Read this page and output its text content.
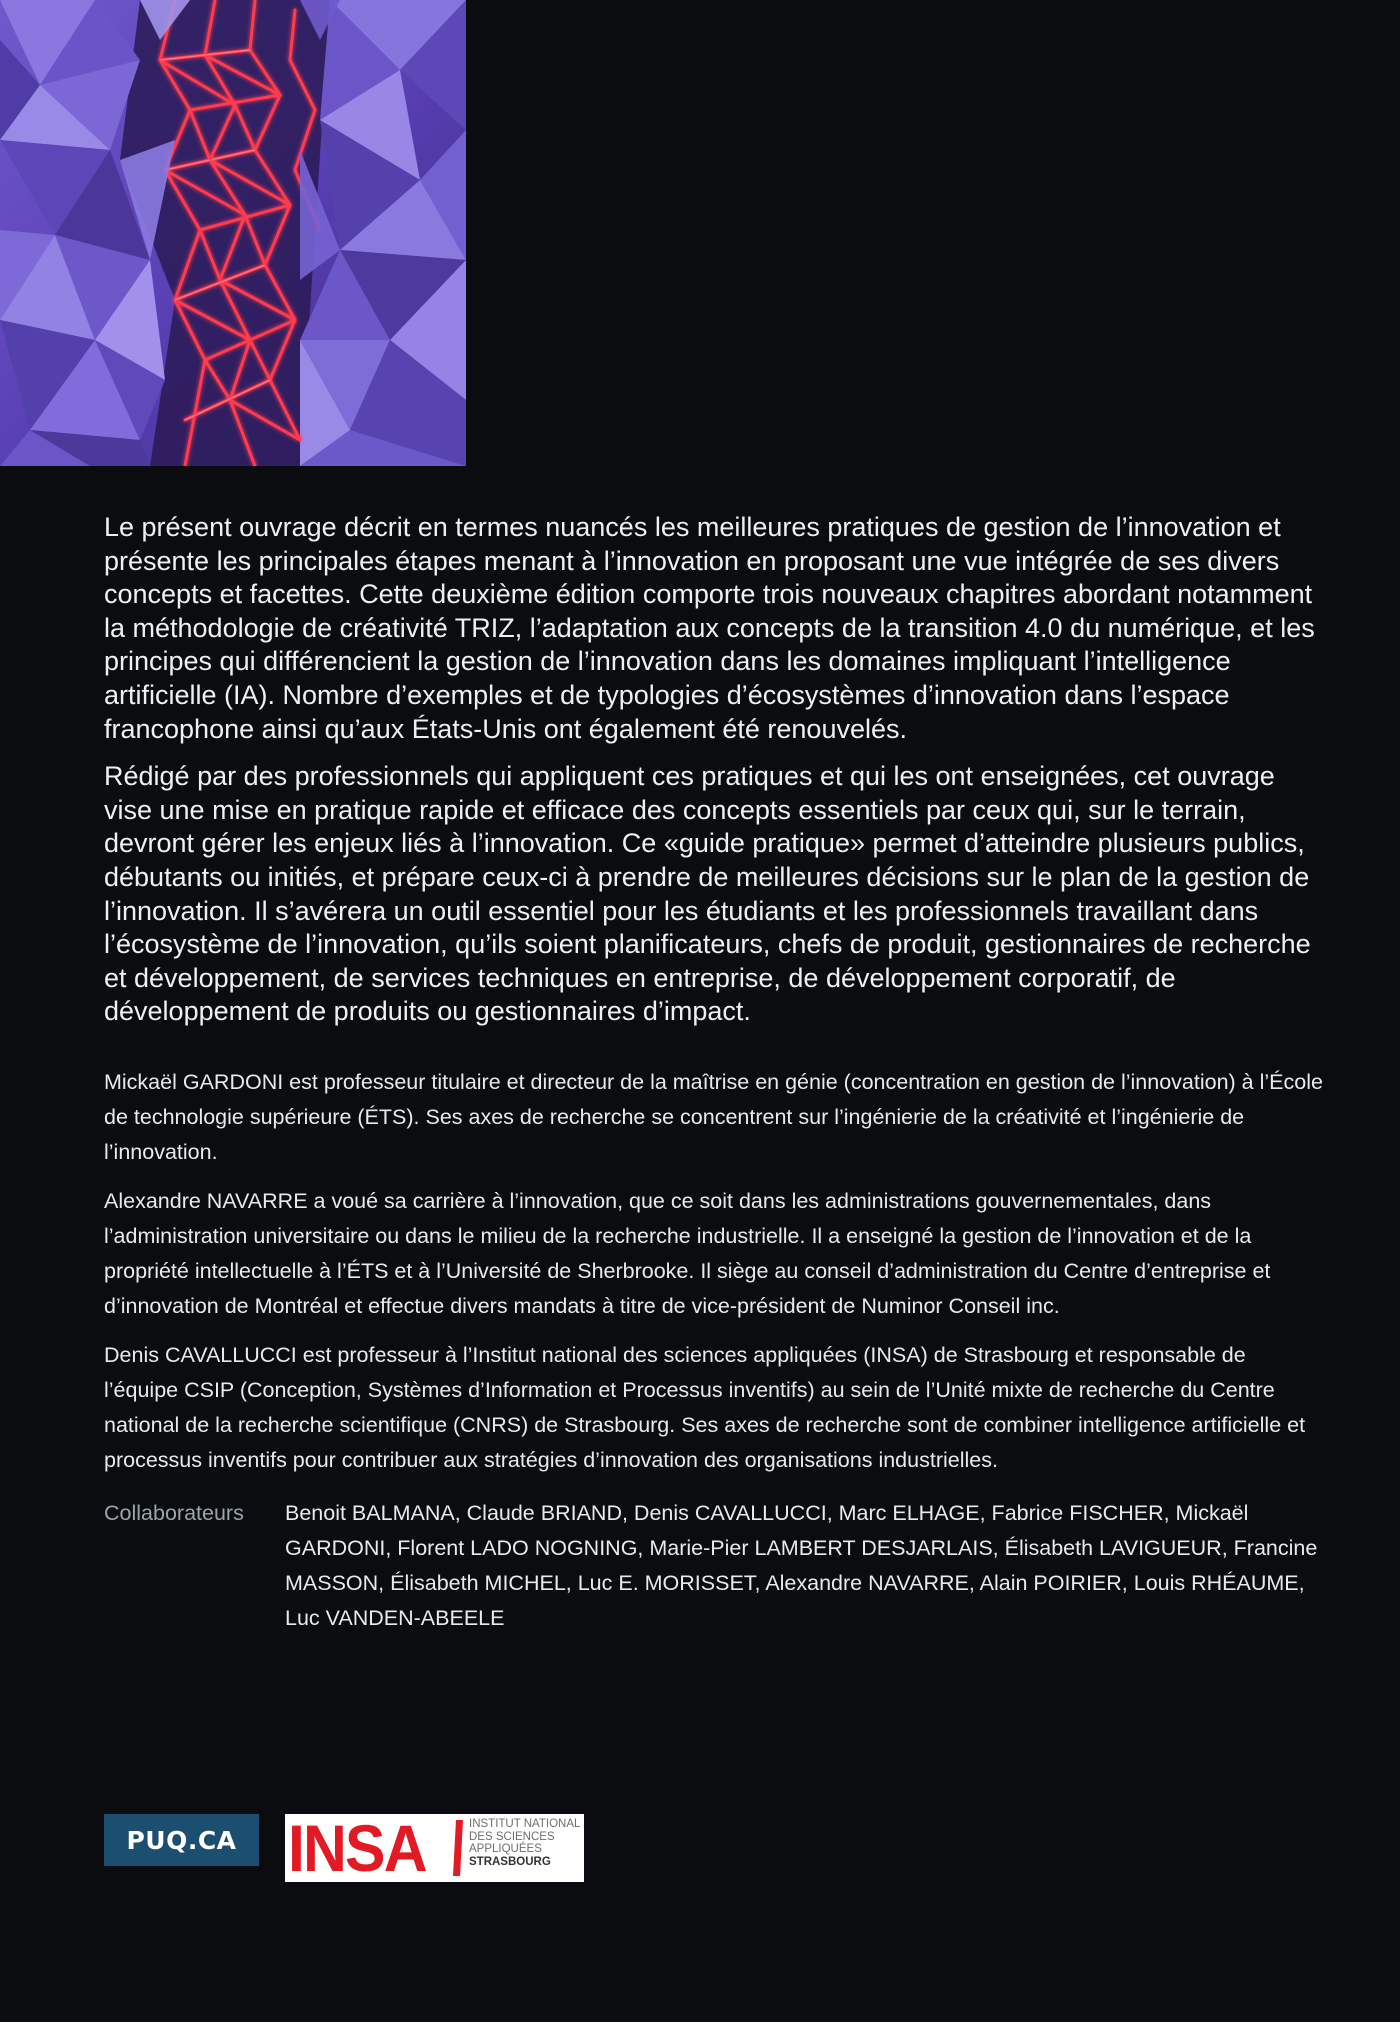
Le présent ouvrage décrit en termes nuancés les meilleures pratiques de gestion de l’innovation et présente les principales étapes menant à l’innovation en proposant une vue intégrée de ses divers concepts et facettes. Cette deuxième édition comporte trois nouveaux chapitres abordant notamment la méthodologie de créativité TRIZ, l’adaptation aux concepts de la transition 4.0 du numérique, et les principes qui différencient la gestion de l’innovation dans les domaines impliquant l’intelligence artificielle (IA). Nombre d’exemples et de typologies d’écosystèmes d’innovation dans l’espace francophone ainsi qu’aux États-Unis ont également été renouvelés.

Rédigé par des professionnels qui appliquent ces pratiques et qui les ont enseignées, cet ouvrage vise une mise en pratique rapide et efficace des concepts essentiels par ceux qui, sur le terrain, devront gérer les enjeux liés à l’innovation. Ce «guide pratique» permet d’atteindre plusieurs publics, débutants ou initiés, et prépare ceux-ci à prendre de meilleures décisions sur le plan de la gestion de l’innovation. Il s’avérera un outil essentiel pour les étudiants et les professionnels travaillant dans l’écosystème de l’innovation, qu’ils soient planificateurs, chefs de produit, gestionnaires de recherche et développement, de services techniques en entreprise, de développement corporatif, de développement de produits ou gestionnaires d’impact.

Mickaël GARDONI est professeur titulaire et directeur de la maîtrise en génie (concentration en gestion de l’innovation) à l’École de technologie supérieure (ÉTS). Ses axes de recherche se concentrent sur l’ingénierie de la créativité et l’ingénierie de l’innovation.

Alexandre NAVARRE a voué sa carrière à l’innovation, que ce soit dans les administrations gouvernementales, dans l’administration universitaire ou dans le milieu de la recherche industrielle. Il a enseigné la gestion de l’innovation et de la propriété intellectuelle à l’ÉTS et à l’Université de Sherbrooke. Il siège au conseil d’administration du Centre d’entreprise et d’innovation de Montréal et effectue divers mandats à titre de vice-président de Numinor Conseil inc.

Denis CAVALLUCCI est professeur à l’Institut national des sciences appliquées (INSA) de Strasbourg et responsable de l’équipe CSIP (Conception, Systèmes d’Information et Processus inventifs) au sein de l’Unité mixte de recherche du Centre national de la recherche scientifique (CNRS) de Strasbourg. Ses axes de recherche sont de combiner intelligence artificielle et processus inventifs pour contribuer aux stratégies d’innovation des organisations industrielles.

Collaborateurs	Benoit BALMANA, Claude BRIAND, Denis CAVALLUCCI, Marc ELHAGE, Fabrice FISCHER, Mickaël GARDONI, Florent LADO NOGNING, Marie-Pier LAMBERT DESJARLAIS, Élisabeth LAVIGUEUR, Francine MASSON, Élisabeth MICHEL, Luc E. MORISSET, Alexandre NAVARRE, Alain POIRIER, Louis RHÉAUME, Luc VANDEN-ABEELE
PUQ.CA INSA	INSTITUT NATIONAL
DES SCIENCES
APPLIQUÉES
STRASBOURG
